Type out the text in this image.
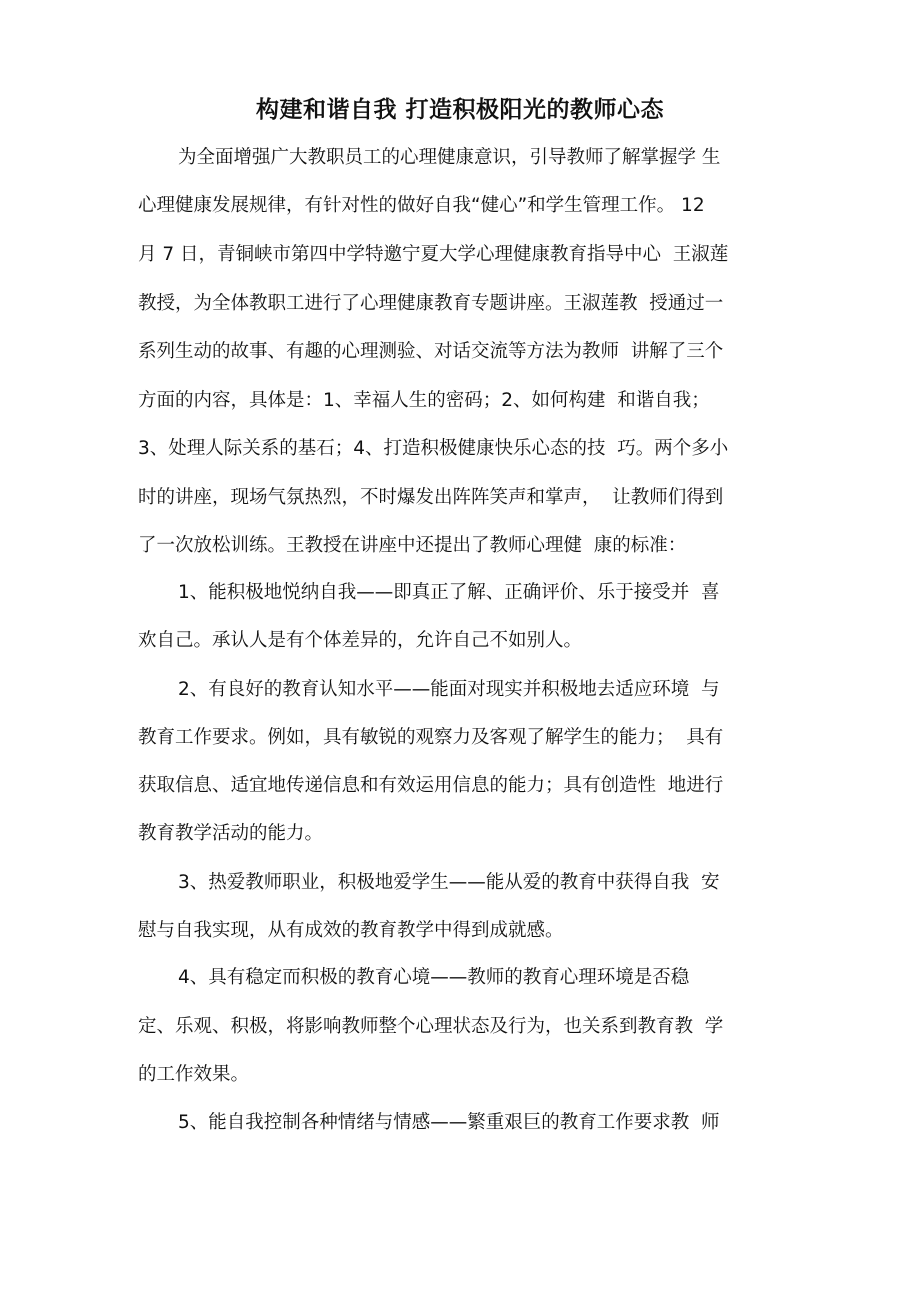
构建和谐自我 打造积极阳光的教师心态
为全面增强广大教职员工的心理健康意识，引导教师了解掌握学 生
心理健康发展规律，有针对性的做好自我“健心”和学生管理工作。 12
月 7 日，青铜峡市第四中学特邀宁夏大学心理健康教育指导中心  王淑莲
教授，为全体教职工进行了心理健康教育专题讲座。王淑莲教  授通过一
系列生动的故事、有趣的心理测验、对话交流等方法为教师  讲解了三个
方面的内容，具体是：1、幸福人生的密码；2、如何构建  和谐自我；
3、处理人际关系的基石；4、打造积极健康快乐心态的技  巧。两个多小
时的讲座，现场气氛热烈，不时爆发出阵阵笑声和掌声，  让教师们得到
了一次放松训练。王教授在讲座中还提出了教师心理健  康的标准：
1、能积极地悦纳自我——即真正了解、正确评价、乐于接受并  喜
欢自己。承认人是有个体差异的，允许自己不如别人。
2、有良好的教育认知水平——能面对现实并积极地去适应环境  与
教育工作要求。例如，具有敏锐的观察力及客观了解学生的能力；  具有
获取信息、适宜地传递信息和有效运用信息的能力；具有创造性  地进行
教育教学活动的能力。
3、热爱教师职业，积极地爱学生——能从爱的教育中获得自我  安
慰与自我实现，从有成效的教育教学中得到成就感。
4、具有稳定而积极的教育心境——教师的教育心理环境是否稳
定、乐观、积极，将影响教师整个心理状态及行为，也关系到教育教  学
的工作效果。
5、能自我控制各种情绪与情感——繁重艰巨的教育工作要求教  师
